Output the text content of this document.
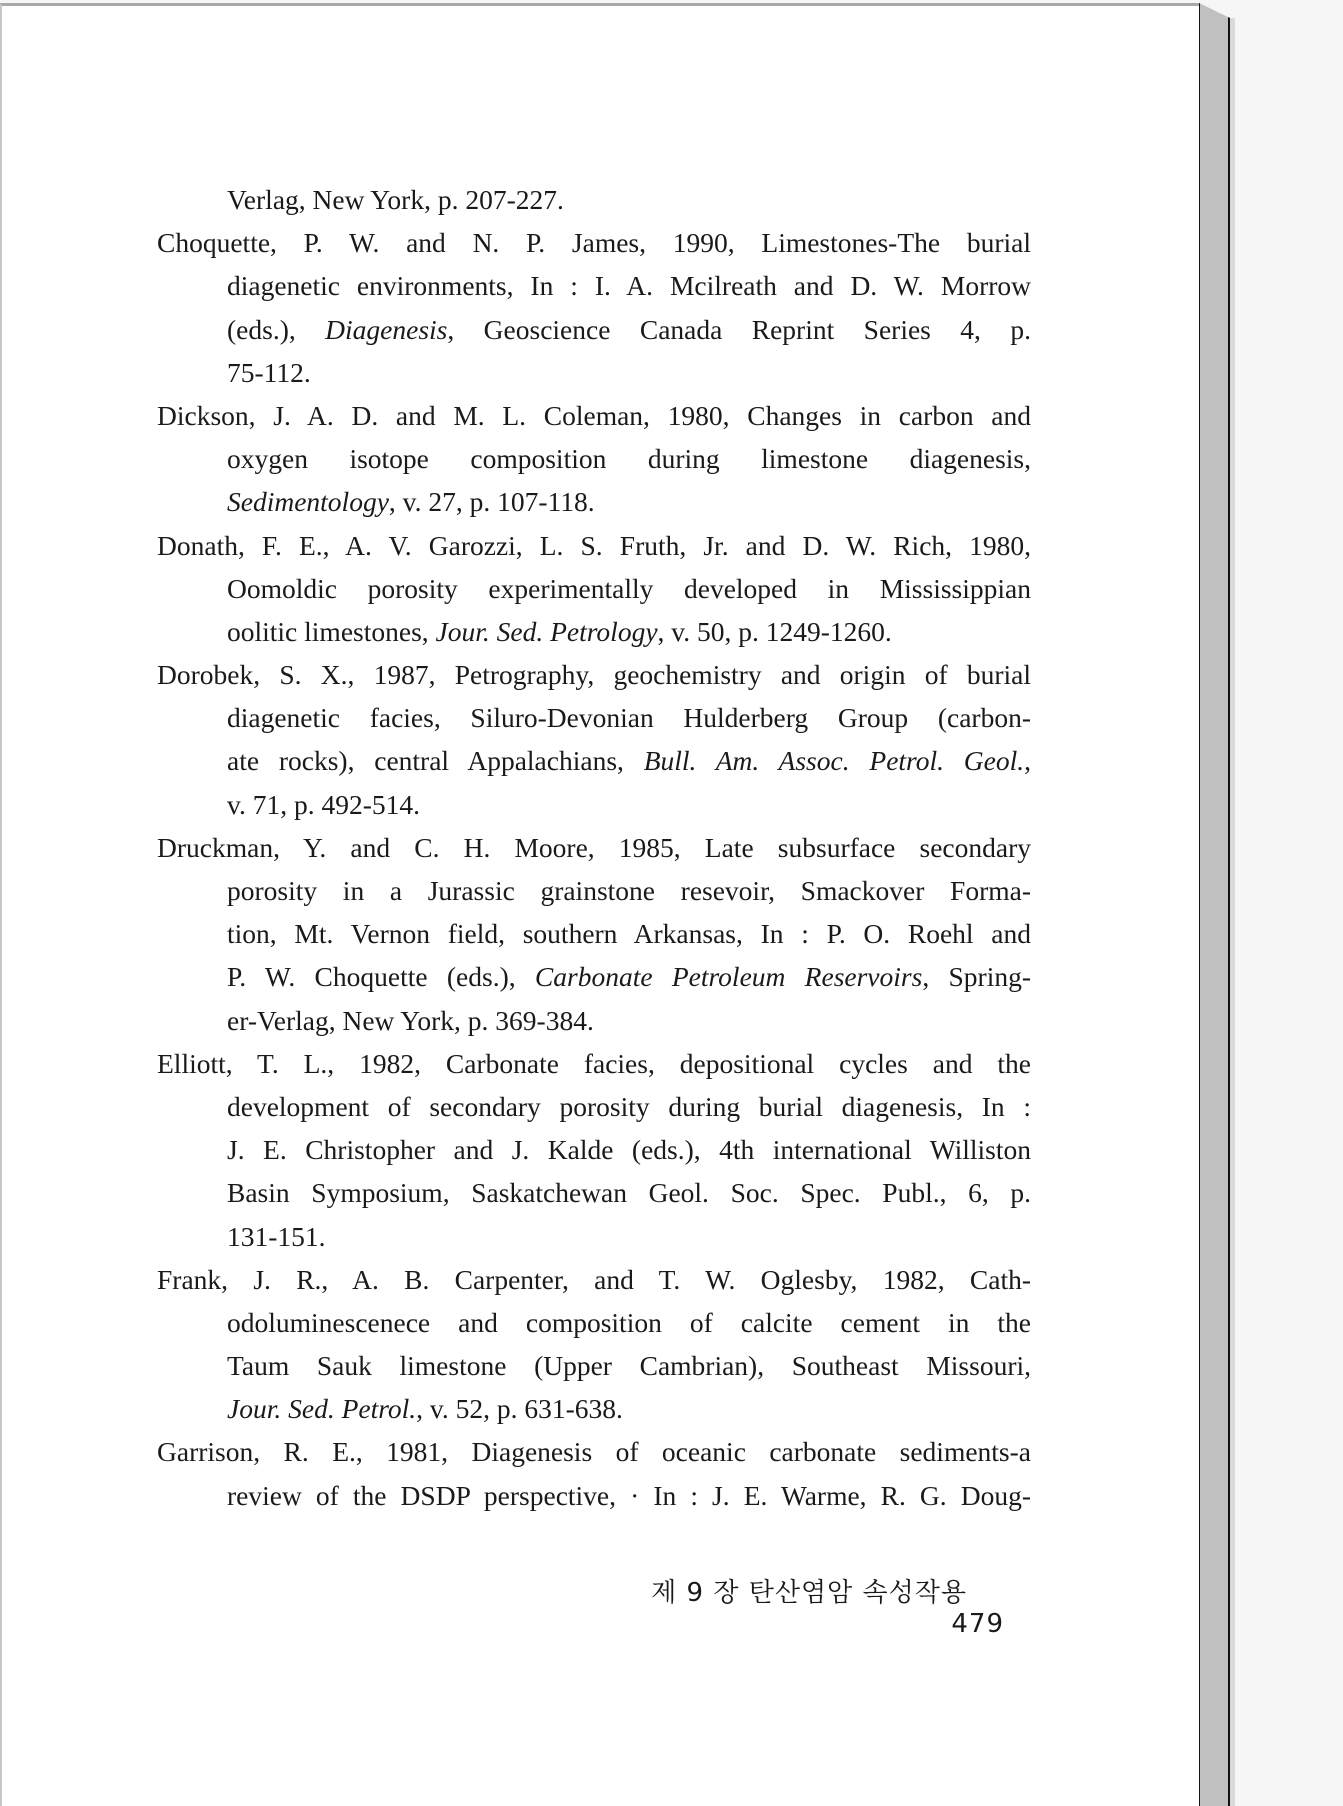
Verlag, New York, p. 207-227.
Choquette, P. W. and N. P. James, 1990, Limestones-The burial
diagenetic environments, In : I. A. Mcilreath and D. W. Morrow
(eds.), Diagenesis, Geoscience Canada Reprint Series 4, p.
75-112.
Dickson, J. A. D. and M. L. Coleman, 1980, Changes in carbon and
oxygen isotope composition during limestone diagenesis,
Sedimentology, v. 27, p. 107-118.
Donath, F. E., A. V. Garozzi, L. S. Fruth, Jr. and D. W. Rich, 1980,
Oomoldic porosity experimentally developed in Mississippian
oolitic limestones, Jour. Sed. Petrology, v. 50, p. 1249-1260.
Dorobek, S. X., 1987, Petrography, geochemistry and origin of burial
diagenetic facies, Siluro-Devonian Hulderberg Group (carbon-
ate rocks), central Appalachians, Bull. Am. Assoc. Petrol. Geol.,
v. 71, p. 492-514.
Druckman, Y. and C. H. Moore, 1985, Late subsurface secondary
porosity in a Jurassic grainstone resevoir, Smackover Forma-
tion, Mt. Vernon field, southern Arkansas, In : P. O. Roehl and
P. W. Choquette (eds.), Carbonate Petroleum Reservoirs, Spring-
er-Verlag, New York, p. 369-384.
Elliott, T. L., 1982, Carbonate facies, depositional cycles and the
development of secondary porosity during burial diagenesis, In :
J. E. Christopher and J. Kalde (eds.), 4th international Williston
Basin Symposium, Saskatchewan Geol. Soc. Spec. Publ., 6, p.
131-151.
Frank, J. R., A. B. Carpenter, and T. W. Oglesby, 1982, Cath-
odoluminescenece and composition of calcite cement in the
Taum Sauk limestone (Upper Cambrian), Southeast Missouri,
Jour. Sed. Petrol., v. 52, p. 631-638.
Garrison, R. E., 1981, Diagenesis of oceanic carbonate sediments-a
review of the DSDP perspective, · In : J. E. Warme, R. G. Doug-
제 9 장 탄산염암 속성작용     479
